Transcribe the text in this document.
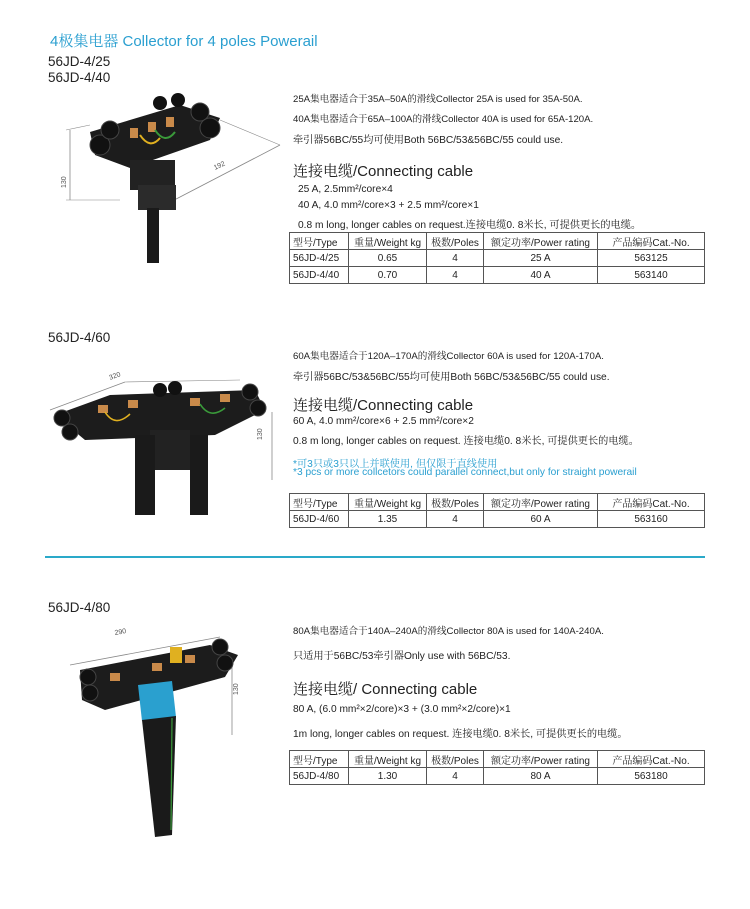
4极集电器 Collector for 4 poles Powerail
56JD-4/25
56JD-4/40
130
192
25A集电器适合于35A–50A的滑线Collector 25A is used for 35A-50A.
40A集电器适合于65A–100A的滑线Collector 40A is used for 65A-120A.
牵引器56BC/55均可使用Both 56BC/53&56BC/55 could use.
连接电缆/Connecting cable
25 A, 2.5mm²/core×4
40 A, 4.0 mm²/core×3 + 2.5 mm²/core×1
0.8 m long, longer cables on request.连接电缆0. 8米长, 可提供更长的电缆。
型号/Type	重量/Weight kg	极数/Poles	额定功率/Power rating	产品编码Cat.-No.
56JD-4/25	0.65	4	25 A	563125
56JD-4/40	0.70	4	40 A	563140
56JD-4/60
320
130
60A集电器适合于120A–170A的滑线Collector 60A is used for 120A-170A.
牵引器56BC/53&56BC/55均可使用Both 56BC/53&56BC/55 could use.
连接电缆/Connecting cable
60 A, 4.0 mm²/core×6 + 2.5 mm²/core×2
0.8 m long, longer cables on request. 连接电缆0. 8米长, 可提供更长的电缆。
*可3只或3只以上并联使用, 但仅限于直线使用
*3 pcs or more collcetors could parallel connect,but only for straight powerail
型号/Type	重量/Weight kg	极数/Poles	额定功率/Power rating	产品编码Cat.-No.
56JD-4/60	1.35	4	60 A	563160
56JD-4/80
290
130
80A集电器适合于140A–240A的滑线Collector 80A is used for 140A-240A.
只适用于56BC/53牵引器Only use with 56BC/53.
连接电缆/ Connecting cable
80 A, (6.0 mm²×2/core)×3 + (3.0 mm²×2/core)×1
1m long, longer cables on request. 连接电缆0. 8米长, 可提供更长的电缆。
型号/Type	重量/Weight kg	极数/Poles	额定功率/Power rating	产品编码Cat.-No.
56JD-4/80	1.30	4	80 A	563180
